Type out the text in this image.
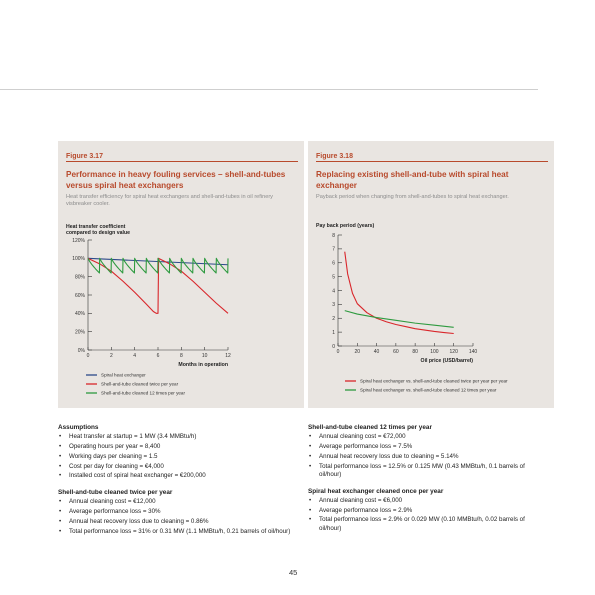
Figure 3.17
Performance in heavy fouling services – shell-and-tubes versus spiral heat exchangers
Heat transfer efficiency for spiral heat exchangers and shell-and-tubes in oil refinery visbreaker cooler.
Heat transfer coefficient
compared to design value
0%
20%
40%
60%
80%
100%
120%
0	2	4	6	8	10	12
Months in operation
Spiral heat exchanger
Shell-and-tube cleaned twice per year
Shell-and-tube cleaned 12 times per year
Figure 3.18
Replacing existing shell-and-tube with spiral heat exchanger
Payback period when changing from shell-and-tubes to spiral heat exchanger.
Pay back period (years)
0
1
2
3
4
5
6
7
8
0	20	40	60	80 100 120 140
Oil price (USD/barrel)
Spiral heat exchanger vs. shell-and-tube cleaned twice per year per year
Spiral heat exchanger vs. shell-and-tube cleaned 12 times per year
Assumptions
• Heat transfer at startup = 1 MW (3.4 MMBtu/h)
• Operating hours per year = 8,400
• Working days per cleaning = 1.5
• Cost per day for cleaning = €4,000
• Installed cost of spiral heat exchanger = €200,000
Shell-and-tube cleaned twice per year
• Annual cleaning cost = €12,000
• Average performance loss = 30%
• Annual heat recovery loss due to cleaning = 0.86%
• Total performance loss = 31% or 0.31 MW (1.1 MMBtu/h, 0.21 barrels of oil/hour)
Shell-and-tube cleaned 12 times per year
• Annual cleaning cost = €72,000
• Average performance loss = 7.5%
• Annual heat recovery loss due to cleaning = 5.14%
• Total performance loss = 12.5% or 0.125 MW (0.43 MMBtu/h, 0.1 barrels of oil/hour)
Spiral heat exchanger cleaned once per year
• Annual cleaning cost = €6,000
• Average performance loss = 2.9%
• Total performance loss = 2.9% or 0.029 MW (0.10 MMBtu/h, 0.02 barrels of oil/hour)
45
